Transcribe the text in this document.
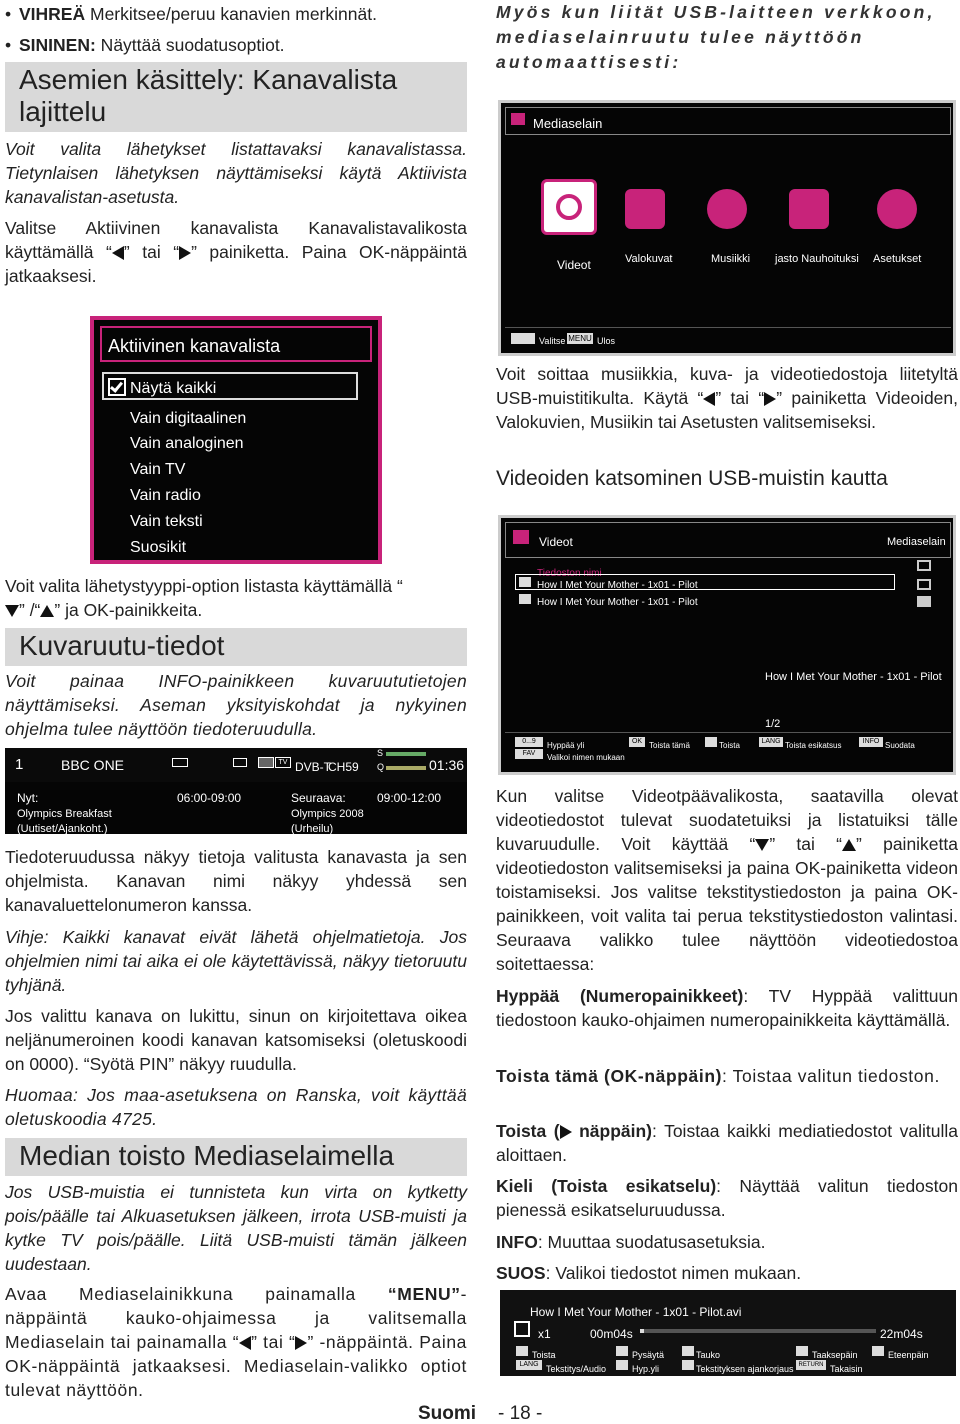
• VIHREÄ Merkitsee/peruu kanavien merkinnät.
• SININEN: Näyttää suodatusoptiot.
Asemien käsittely: Kanavalista lajittelu
Voit valita lähetykset listattavaksi kanavalistassa. Tietynlaisen lähetyksen näyttämiseksi käytä Aktiivista kanavalistan-asetusta.
Valitse Aktiivinen kanavalista Kanavalistavalikosta käyttämällä “ ” tai “ ” painiketta. Paina OK-näppäintä jatkaaksesi.
Aktiivinen kanavalista
Näytä kaikki
Vain digitaalinen
Vain analoginen
Vain TV
Vain radio
Vain teksti
Suosikit
Voit valita lähetystyyppi-option listasta käyttämällä “
” /“ ” ja OK-painikkeita.
Kuvaruutu-tiedot
Voit painaa INFO-painikkeen kuvaruututietojen näyttämiseksi. Aseman yksityiskohdat ja nykyinen ohjelma tulee näyttöön tiedoteruudulla.
1	BBC ONE	TV DVB-T
CH59
S
Q	01:36
Nyt:	06:00-09:00
Olympics Breakfast
(Uutiset/Ajankoht.)
Seuraava:	09:00-12:00
Olympics 2008
(Urheilu)
Tiedoteruudussa näkyy tietoja valitusta kanavasta ja sen ohjelmista. Kanavan nimi näkyy yhdessä sen kanavaluettelonumeron kanssa.
Vihje: Kaikki kanavat eivät lähetä ohjelmatietoja. Jos ohjelmien nimi tai aika ei ole käytettävissä, näkyy tietoruutu tyhjänä.
Jos valittu kanava on lukittu, sinun on kirjoitettava oikea neljänumeroinen koodi kanavan katsomiseksi (oletuskoodi on 0000). “Syötä PIN” näkyy ruudulla.
Huomaa: Jos maa-asetuksena on Ranska, voit käyttää oletuskoodia 4725.
Median toisto Mediaselaimella
Jos USB-muistia ei tunnisteta kun virta on kytketty pois/päälle tai Alkuasetuksen jälkeen, irrota USB-muisti ja kytke TV pois/päälle. Liitä USB-muisti tämän jälkeen uudestaan.
Avaa Mediaselainikkuna painamalla “MENU”-näppäintä kauko-ohjaimessa ja valitsemalla Mediaselain tai painamalla “ ” tai “ ” -näppäintä. Paina OK-näppäintä jatkaaksesi. Mediaselain-valikko optiot tulevat näyttöön.
Myös kun liität USB-laitteen verkkoon, mediaselainruutu tulee näyttöön automaattisesti:
Mediaselain
Videot	Valokuvat	Musiikki jasto Nauhoituksi Asetukset
Valitse MENU Ulos
Voit soittaa musiikkia, kuva- ja videotiedostoja liitetyltä USB-muistitikulta. Käytä “ ” tai “ ” painiketta Videoiden, Valokuvien, Musiikin tai Asetusten valitsemiseksi.
Videoiden katsominen USB-muistin kautta
Videot	Mediaselain
Tiedoston nimi
How I Met Your Mother - 1x01 - Pilot
How I Met Your Mother - 1x01 - Pilot
How I Met Your Mother - 1x01 - Pilot
1/2
0...9	Hyppää yli
FAV	Valikoi nimen mukaan
OK Toista tämä	Toista	LANG Toista esikatsus	INFO Suodata
Kun valitse Videotpäävalikosta, saatavilla olevat videotiedostot tulevat suodatetuiksi ja listatuiksi tälle kuvaruudulle. Voit käyttää “ ” tai “ ” painiketta videotiedoston valitsemiseksi ja paina OK-painiketta videon toistamiseksi. Jos valitse tekstitystiedoston ja paina OK-painikkeen, voit valita tai perua tekstitystiedoston valintasi. Seuraava valikko tulee näyttöön videotiedostoa soitettaessa:
Hyppää (Numeropainikkeet): TV Hyppää valittuun tiedostoon kauko-ohjaimen numeropainikkeita käyttämällä.
Toista tämä (OK-näppäin): Toistaa valitun tiedoston.
Toista ( näppäin): Toistaa kaikki mediatiedostot valitulla aloittaen.
Kieli (Toista esikatselu): Näyttää valitun tiedoston pienessä esikatseluruudussa.
INFO: Muuttaa suodatusasetuksia.
SUOS: Valikoi tiedostot nimen mukaan.
How I Met Your Mother - 1x01 - Pilot.avi
x1	00m04s	22m04s
Toista	Pysäytä	Tauko	Taaksepäin	Eteenpäin
LANG Tekstitys/Audio	Hyp.yli	Tekstityksen ajankorjaus RETURN Takaisin
Suomi - 18 -
